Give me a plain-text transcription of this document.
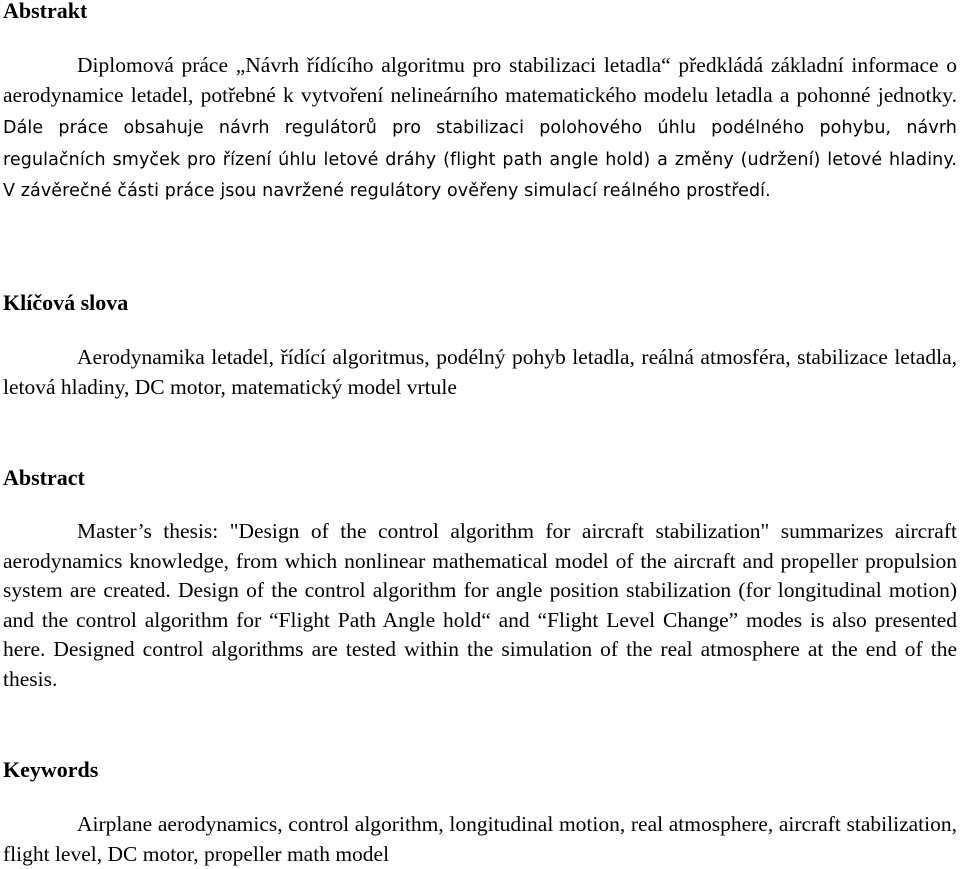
Abstrakt
Diplomová práce „Návrh řídícího algoritmu pro stabilizaci letadla“ předkládá základní informace o aerodynamice letadel, potřebné k vytvoření nelineárního matematického modelu letadla a pohonné jednotky. Dále práce obsahuje návrh regulátorů pro stabilizaci polohového úhlu podélného pohybu, návrh regulačních smyček pro řízení úhlu letové dráhy (flight path angle hold) a změny (udržení) letové hladiny. V závěrečné části práce jsou navržené regulátory ověřeny simulací reálného prostředí.
Klíčová slova
Aerodynamika letadel, řídící algoritmus, podélný pohyb letadla, reálná atmosféra, stabilizace letadla, letová hladiny, DC motor, matematický model vrtule
Abstract
Master’s thesis: "Design of the control algorithm for aircraft stabilization" summarizes aircraft aerodynamics knowledge, from which nonlinear mathematical model of the aircraft and propeller propulsion system are created. Design of the control algorithm for angle position stabilization (for longitudinal motion) and the control algorithm for “Flight Path Angle hold“ and “Flight Level Change” modes is also presented here. Designed control algorithms are tested within the simulation of the real atmosphere at the end of the thesis.
Keywords
Airplane aerodynamics, control algorithm, longitudinal motion, real atmosphere, aircraft stabilization, flight level, DC motor, propeller math model
